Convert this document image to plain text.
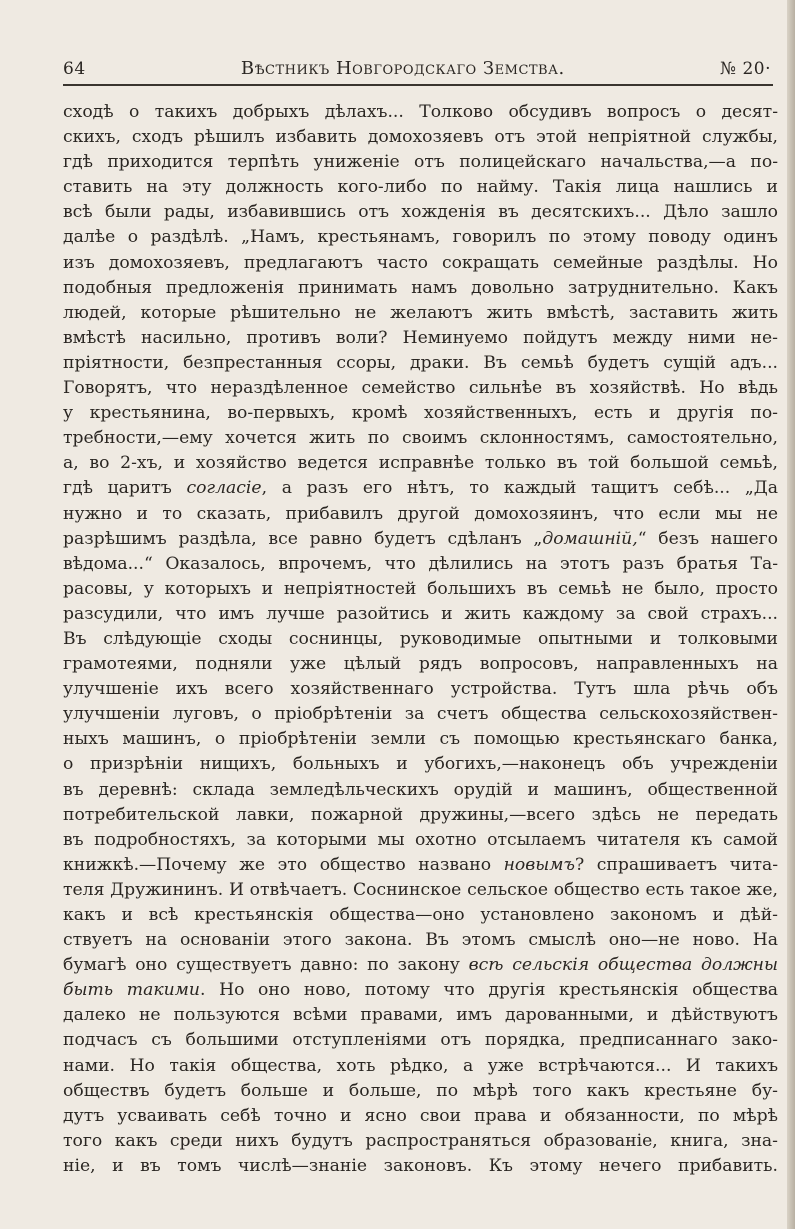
64	Вѣстникъ Новгородскаго Земства.	№ 20·
сходѣ о такихъ добрыхъ дѣлахъ... Толково обсудивъ вопросъ о десят-
скихъ, сходъ рѣшилъ избавить домохозяевъ отъ этой непріятной службы,
гдѣ приходится терпѣть униженіе отъ полицейскаго начальства,—а по-
ставить на эту должность кого-либо по найму. Такія лица нашлись и
всѣ были рады, избавившись отъ хожденія въ десятскихъ... Дѣло зашло
далѣе о раздѣлѣ. „Намъ, крестьянамъ, говорилъ по этому поводу одинъ
изъ домохозяевъ, предлагаютъ часто сокращать семейные раздѣлы. Но
подобныя предложенія принимать намъ довольно затруднительно. Какъ
людей, которые рѣшительно не желаютъ жить вмѣстѣ, заставить жить
вмѣстѣ насильно, противъ воли? Неминуемо пойдутъ между ними не-
пріятности, безпрестанныя ссоры, драки. Въ семьѣ будетъ сущій адъ...
Говорятъ, что нераздѣленное семейство сильнѣе въ хозяйствѣ. Но вѣдь
у крестьянина, во-первыхъ, кромѣ хозяйственныхъ, есть и другія по-
требности,—ему хочется жить по своимъ склонностямъ, самостоятельно,
а, во 2-хъ, и хозяйство ведется исправнѣе только въ той большой семьѣ,
гдѣ царитъ согласіе, а разъ его нѣтъ, то каждый тащитъ себѣ... „Да
нужно и то сказать, прибавилъ другой домохозяинъ, что если мы не
разрѣшимъ раздѣла, все равно будетъ сдѣланъ „домашній,“ безъ нашего
вѣдома...“ Оказалось, впрочемъ, что дѣлились на этотъ разъ братья Та-
расовы, у которыхъ и непріятностей большихъ въ семьѣ не было, просто
разсудили, что имъ лучше разойтись и жить каждому за свой страхъ...
Въ слѣдующіе сходы соснинцы, руководимые опытными и толковыми
грамотеями, подняли уже цѣлый рядъ вопросовъ, направленныхъ на
улучшеніе ихъ всего хозяйственнаго устройства. Тутъ шла рѣчь объ
улучшеніи луговъ, о пріобрѣтеніи за счетъ общества сельскохозяйствен-
ныхъ машинъ, о пріобрѣтеніи земли съ помощью крестьянскаго банка,
о призрѣніи нищихъ, больныхъ и убогихъ,—наконецъ объ учрежденіи
въ деревнѣ: склада земледѣльческихъ орудій и машинъ, общественной
потребительской лавки, пожарной дружины,—всего здѣсь не передать
въ подробностяхъ, за которыми мы охотно отсылаемъ читателя къ самой
книжкѣ.—Почему же это общество названо новымъ? спрашиваетъ чита-
теля Дружининъ. И отвѣчаетъ. Соснинское сельское общество есть такое же,
какъ и всѣ крестьянскія общества—оно установлено закономъ и дѣй-
ствуетъ на основаніи этого закона. Въ этомъ смыслѣ оно—не ново. На
бумагѣ оно существуетъ давно: по закону всѣ сельскія общества должны
быть такими. Но оно ново, потому что другія крестьянскія общества
далеко не пользуются всѣми правами, имъ дарованными, и дѣйствуютъ
подчасъ съ большими отступленіями отъ порядка, предписаннаго зако-
нами. Но такія общества, хоть рѣдко, а уже встрѣчаются... И такихъ
обществъ будетъ больше и больше, по мѣрѣ того какъ крестьяне бу-
дутъ усваивать себѣ точно и ясно свои права и обязанности, по мѣрѣ
того какъ среди нихъ будутъ распространяться образованіе, книга, зна-
ніе, и въ томъ числѣ—знаніе законовъ. Къ этому нечего прибавить.
